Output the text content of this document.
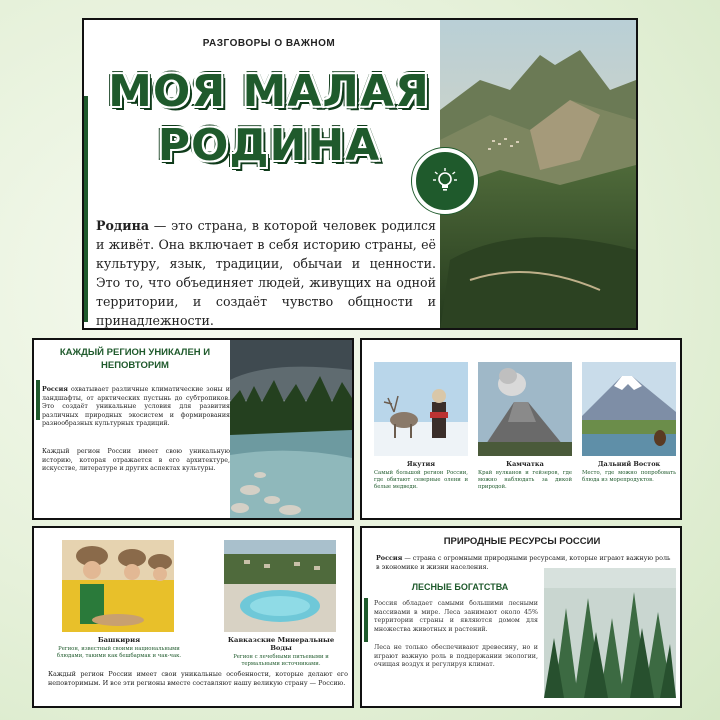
РАЗГОВОРЫ О ВАЖНОМ
МОЯ МАЛАЯ
РОДИНА
Родина — это страна, в которой человек родился и живёт. Она включает в себя историю страны, её культуру, язык, традиции, обычаи и ценности. Это то, что объединяет людей, живущих на одной территории, и создаёт чувство общности и принадлежности.
КАЖДЫЙ РЕГИОН УНИКАЛЕН И НЕПОВТОРИМ
Россия охватывает различные климатические зоны и ландшафты, от арктических пустынь до субтропиков. Это создаёт уникальные условия для развития различных природных экосистем и формирования разнообразных культурных традиций.
Каждый регион России имеет свою уникальную историю, которая отражается в его архитектуре, искусстве, литературе и других аспектах культуры.
Якутия
Самый большой регион России, где обитают северные олени и белые медведи.
Камчатка
Край вулканов и гейзеров, где можно наблюдать за дикой природой.
Дальний Восток
Место, где можно попробовать блюда из морепродуктов.
Башкирия
Регион, известный своими национальными блюдами, такими как бешбармак и чак-чак.
Кавказские Минеральные Воды
Регион с лечебными питьевыми и термальными источниками.
Каждый регион России имеет свои уникальные особенности, которые делают его неповторимым. И все эти регионы вместе составляют нашу великую страну — Россию.
ПРИРОДНЫЕ РЕСУРСЫ РОССИИ
Россия — страна с огромными природными ресурсами, которые играют важную роль в экономике и жизни населения.
ЛЕСНЫЕ БОГАТСТВА
Россия обладает самыми большими лесными массивами в мире. Леса занимают около 45% территории страны и являются домом для множества животных и растений.
Леса не только обеспечивают древесину, но и играют важную роль в поддержании экологии, очищая воздух и регулируя климат.
